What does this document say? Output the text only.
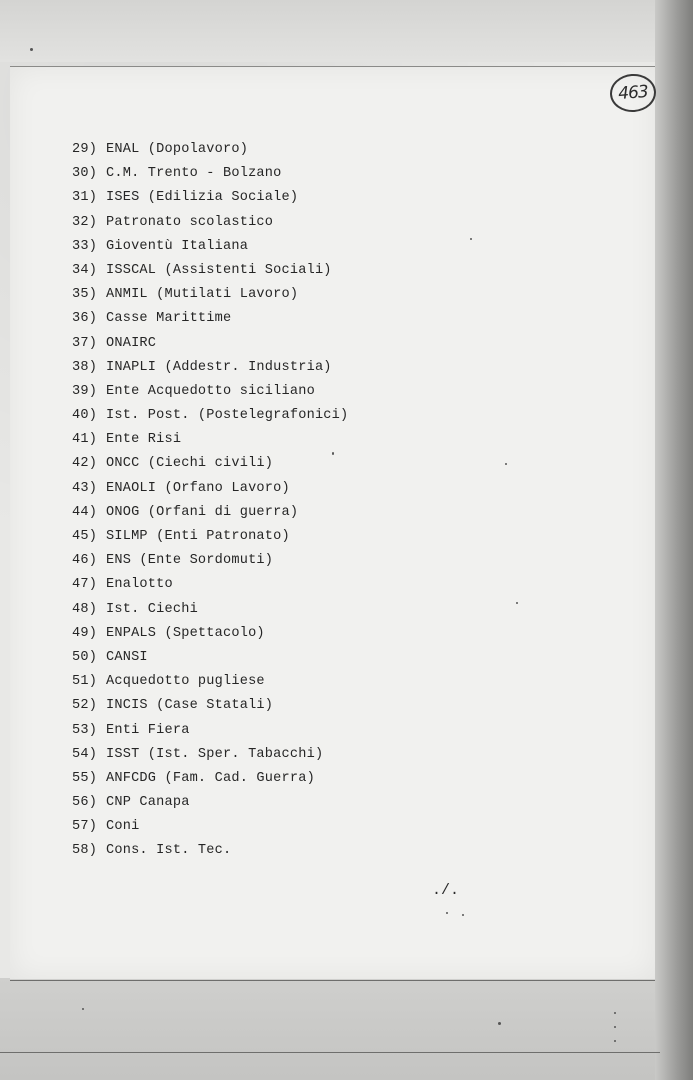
463
29) ENAL (Dopolavoro)
30) C.M. Trento - Bolzano
31) ISES (Edilizia Sociale)
32) Patronato scolastico
33) Gioventù Italiana
34) ISSCAL (Assistenti Sociali)
35) ANMIL (Mutilati Lavoro)
36) Casse Marittime
37) ONAIRC
38) INAPLI (Addestr. Industria)
39) Ente Acquedotto siciliano
40) Ist. Post. (Postelegrafonici)
41) Ente Risi
42) ONCC (Ciechi civili)
43) ENAOLI (Orfano Lavoro)
44) ONOG (Orfani di guerra)
45) SILMP (Enti Patronato)
46) ENS (Ente Sordomuti)
47) Enalotto
48) Ist. Ciechi
49) ENPALS (Spettacolo)
50) CANSI
51) Acquedotto pugliese
52) INCIS (Case Statali)
53) Enti Fiera
54) ISST (Ist. Sper. Tabacchi)
55) ANFCDG (Fam. Cad. Guerra)
56) CNP Canapa
57) Coni
58) Cons. Ist. Tec.
./.
